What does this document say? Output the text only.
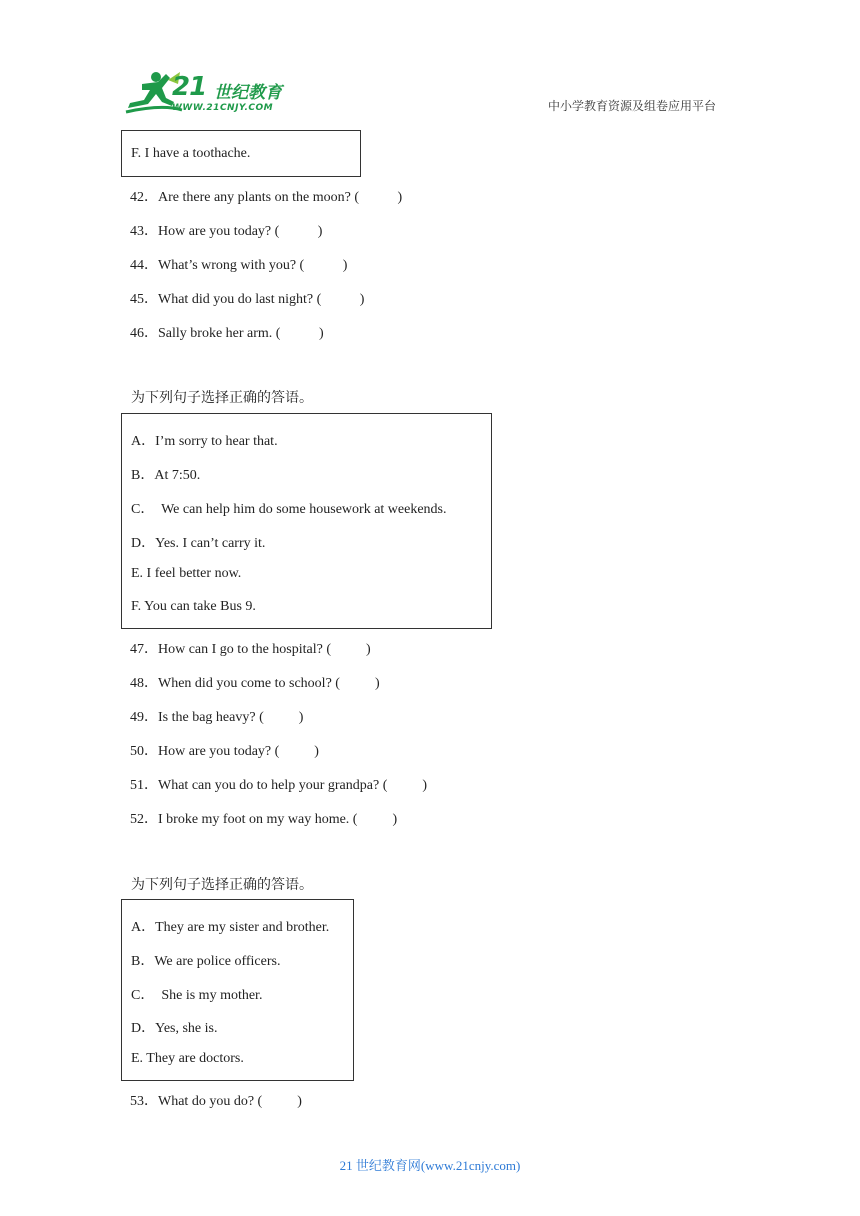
21 世纪教育
WWW.21CNJY.COM	中小学教育资源及组卷应用平台
F. I have a toothache.
42．Are there any plants on the moon? (           )
43．How are you today? (           )
44．What’s wrong with you? (           )
45．What did you do last night? (           )
46．Sally broke her arm. (           )
为下列句子选择正确的答语。
A．I’m sorry to hear that.
B．At 7:50.
C．  We can help him do some housework at weekends.
D．Yes. I can’t carry it.
E. I feel better now.
F. You can take Bus 9.
47．How can I go to the hospital? (          )
48．When did you come to school? (          )
49．Is the bag heavy? (          )
50．How are you today? (          )
51．What can you do to help your grandpa? (          )
52．I broke my foot on my way home. (          )
为下列句子选择正确的答语。
A．They are my sister and brother.
B．We are police officers.
C．  She is my mother.
D．Yes, she is.
E. They are doctors.
53．What do you do? (          )
21 世纪教育网(www.21cnjy.com)
